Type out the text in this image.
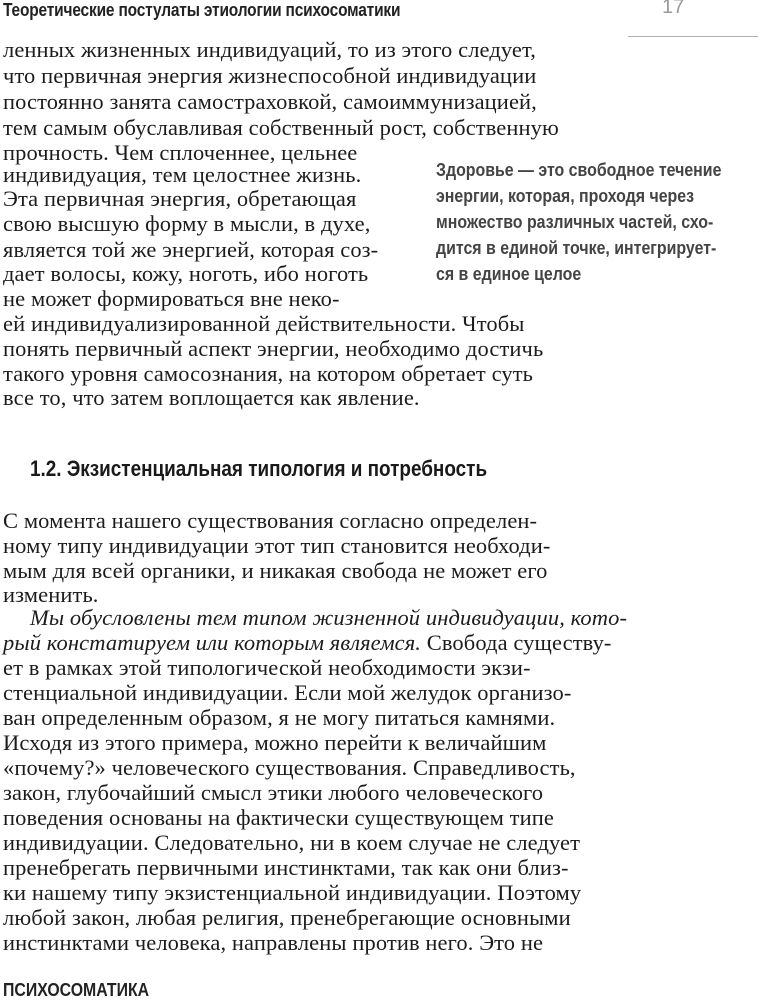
Теоретические постулаты этиологии психосоматики	17
ленных жизненных индивидуаций, то из этого следует,
что первичная энергия жизнеспособной индивидуации
постоянно занята самостраховкой, самоиммунизацией,
тем самым обуславливая собственный рост, собственную
прочность. Чем сплоченнее, цельнее
индивидуация, тем целостнее жизнь.
Эта первичная энергия, обретающая
свою высшую форму в мысли, в духе,
является той же энергией, которая соз-
дает волосы, кожу, ноготь, ибо ноготь
не может формироваться вне неко-
ей индивидуализированной действительности. Чтобы
понять первичный аспект энергии, необходимо достичь
такого уровня самосознания, на котором обретает суть
все то, что затем воплощается как явление.
С момента нашего существования согласно определен-
ному типу индивидуации этот тип становится необходи-
мым для всей органики, и никакая свобода не может его
изменить.
Мы обусловлены тем типом жизненной индивидуации, кото-
рый констатируем или которым являемся. Свобода существу-
ет в рамках этой типологической необходимости экзи-
стенциальной индивидуации. Если мой желудок организо-
ван определенным образом, я не могу питаться камнями.
Исходя из этого примера, можно перейти к величайшим
«почему?» человеческого существования. Справедливость,
закон, глубочайший смысл этики любого человеческого
поведения основаны на фактически существующем типе
индивидуации. Следовательно, ни в коем случае не следует
пренебрегать первичными инстинктами, так как они близ-
ки нашему типу экзистенциальной индивидуации. Поэтому
любой закон, любая религия, пренебрегающие основными
инстинктами человека, направлены против него. Это не
Здоровье — это свободное течение
энергии, которая, проходя через
множество различных частей, схо-
дится в единой точке, интегрирует-
ся в единое целое
1.2. Экзистенциальная типология и потребность
ПСИХОСОМАТИКА
